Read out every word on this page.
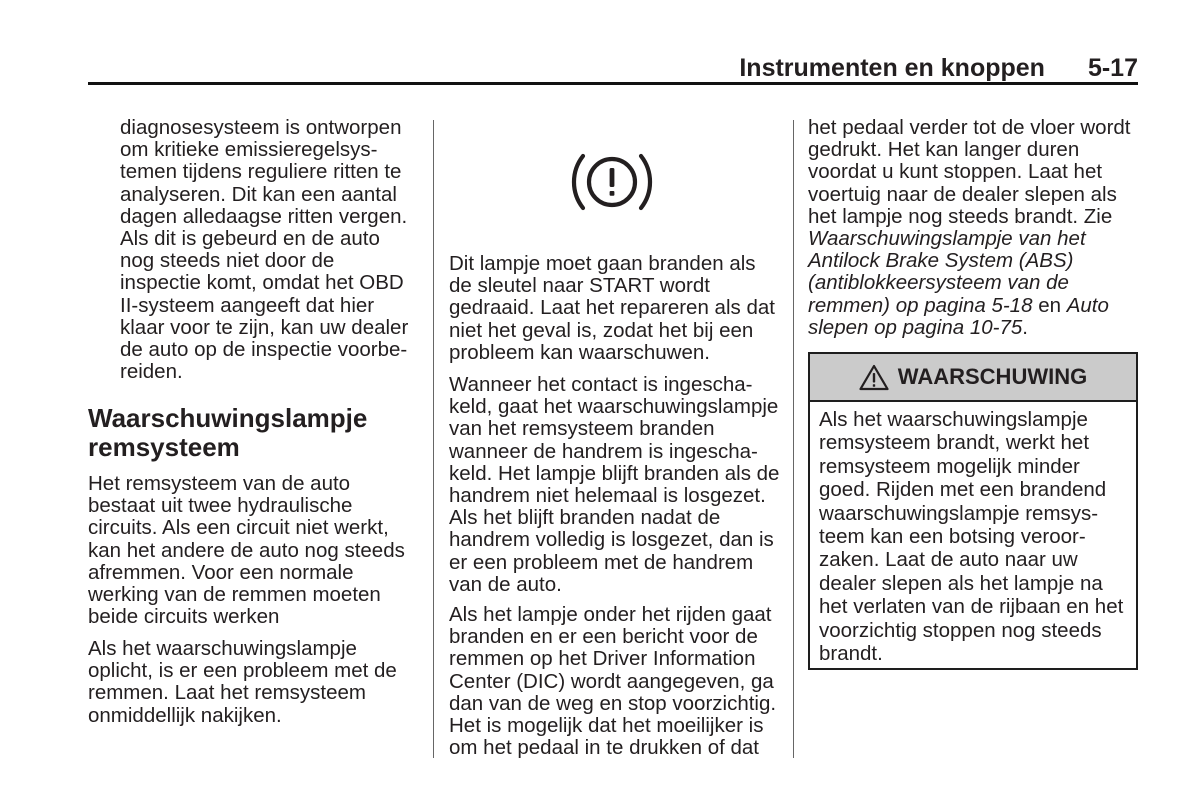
Instrumenten en knoppen 5-17
diagnosesysteem is ontworpen
om kritieke emissieregelsys-
temen tijdens reguliere ritten te
analyseren. Dit kan een aantal
dagen alledaagse ritten vergen.
Als dit is gebeurd en de auto
nog steeds niet door de
inspectie komt, omdat het OBD
II-systeem aangeeft dat hier
klaar voor te zijn, kan uw dealer
de auto op de inspectie voorbe-
reiden.
Waarschuwingslampje
remsysteem
Het remsysteem van de auto
bestaat uit twee hydraulische
circuits. Als een circuit niet werkt,
kan het andere de auto nog steeds
afremmen. Voor een normale
werking van de remmen moeten
beide circuits werken
Als het waarschuwingslampje
oplicht, is er een probleem met de
remmen. Laat het remsysteem
onmiddellijk nakijken.
Dit lampje moet gaan branden als
de sleutel naar START wordt
gedraaid. Laat het repareren als dat
niet het geval is, zodat het bij een
probleem kan waarschuwen.
Wanneer het contact is ingescha-
keld, gaat het waarschuwingslampje
van het remsysteem branden
wanneer de handrem is ingescha-
keld. Het lampje blijft branden als de
handrem niet helemaal is losgezet.
Als het blijft branden nadat de
handrem volledig is losgezet, dan is
er een probleem met de handrem
van de auto.
Als het lampje onder het rijden gaat
branden en er een bericht voor de
remmen op het Driver Information
Center (DIC) wordt aangegeven, ga
dan van de weg en stop voorzichtig.
Het is mogelijk dat het moeilijker is
om het pedaal in te drukken of dat
het pedaal verder tot de vloer wordt
gedrukt. Het kan langer duren
voordat u kunt stoppen. Laat het
voertuig naar de dealer slepen als
het lampje nog steeds brandt. Zie
Waarschuwingslampje van het
Antilock Brake System (ABS)
(antiblokkeersysteem van de
remmen) op pagina 5-18 en Auto
slepen op pagina 10-75.
WAARSCHUWING
Als het waarschuwingslampje
remsysteem brandt, werkt het
remsysteem mogelijk minder
goed. Rijden met een brandend
waarschuwingslampje remsys-
teem kan een botsing veroor-
zaken. Laat de auto naar uw
dealer slepen als het lampje na
het verlaten van de rijbaan en het
voorzichtig stoppen nog steeds
brandt.
